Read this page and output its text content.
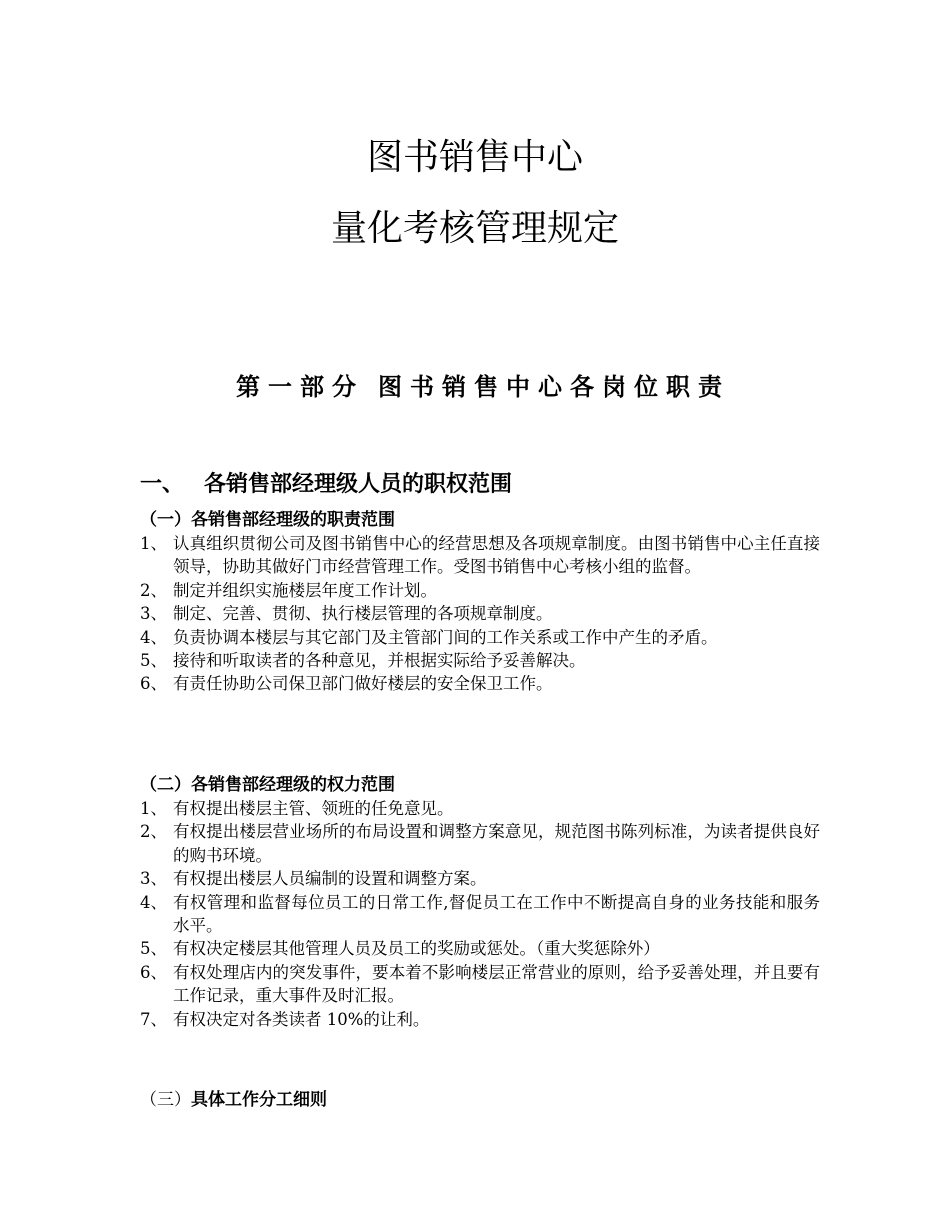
图书销售中心
量化考核管理规定
第一部分 图书销售中心各岗位职责
一、 各销售部经理级人员的职权范围
（一）各销售部经理级的职责范围
1、 认真组织贯彻公司及图书销售中心的经营思想及各项规章制度。由图书销售中心主任直接领导，协助其做好门市经营管理工作。受图书销售中心考核小组的监督。
2、 制定并组织实施楼层年度工作计划。
3、 制定、完善、贯彻、执行楼层管理的各项规章制度。
4、 负责协调本楼层与其它部门及主管部门间的工作关系或工作中产生的矛盾。
5、 接待和听取读者的各种意见，并根据实际给予妥善解决。
6、 有责任协助公司保卫部门做好楼层的安全保卫工作。
（二）各销售部经理级的权力范围
1、 有权提出楼层主管、领班的任免意见。
2、 有权提出楼层营业场所的布局设置和调整方案意见，规范图书陈列标准，为读者提供良好的购书环境。
3、 有权提出楼层人员编制的设置和调整方案。
4、 有权管理和监督每位员工的日常工作,督促员工在工作中不断提高自身的业务技能和服务水平。
5、 有权决定楼层其他管理人员及员工的奖励或惩处。（重大奖惩除外）
6、 有权处理店内的突发事件，要本着不影响楼层正常营业的原则，给予妥善处理，并且要有工作记录，重大事件及时汇报。
7、 有权决定对各类读者 10%的让利。
（三）具体工作分工细则
